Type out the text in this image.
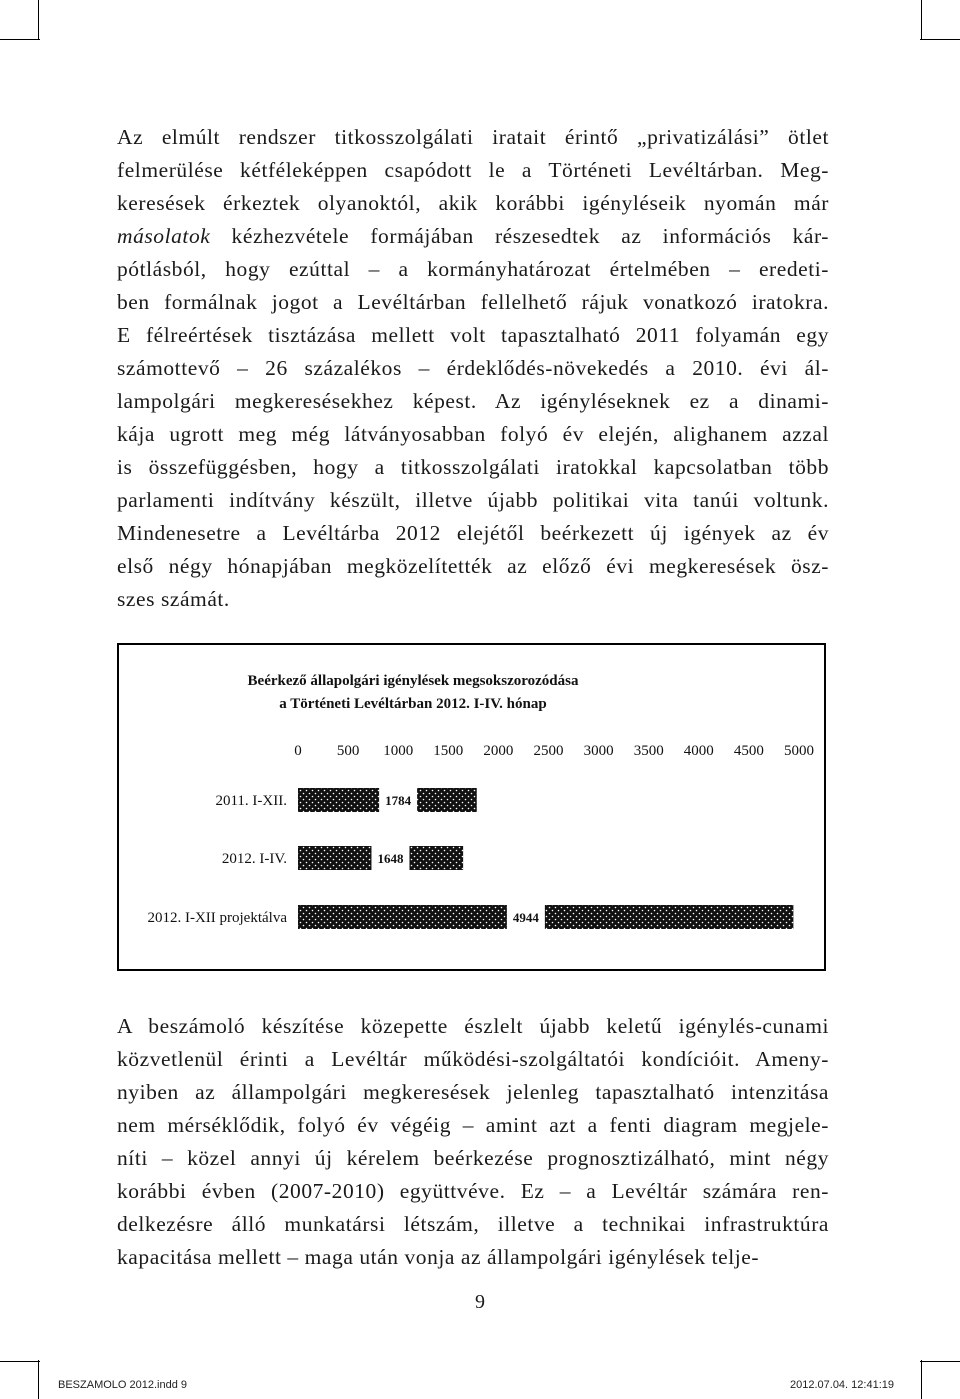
Az elmúlt rendszer titkosszolgálati iratait érintő „privatizálási” ötlet
felmerülése kétféleképpen csapódott le a Történeti Levéltárban. Meg-
keresések érkeztek olyanoktól, akik korábbi igényléseik nyomán már
másolatok kézhezvétele formájában részesedtek az információs kár-
pótlásból, hogy ezúttal – a kormányhatározat értelmében – eredeti-
ben formálnak jogot a Levéltárban fellelhető rájuk vonatkozó iratokra.
E félreértések tisztázása mellett volt tapasztalható 2011 folyamán egy
számottevő – 26 százalékos – érdeklődés-növekedés a 2010. évi ál-
lampolgári megkeresésekhez képest. Az igényléseknek ez a dinami-
kája ugrott meg még látványosabban folyó év elején, alighanem azzal
is összefüggésben, hogy a titkosszolgálati iratokkal kapcsolatban több
parlamenti indítvány készült, illetve újabb politikai vita tanúi voltunk.
Mindenesetre a Levéltárba 2012 elejétől beérkezett új igények az év
első négy hónapjában megközelítették az előző évi megkeresések ösz-
szes számát.
Beérkező állapolgári igénylések megsokszorozódása
a Történeti Levéltárban 2012. I-IV. hónap
0 500 1000 1500 2000 2500 3000 3500 4000 4500 5000
2011. I-XII.	1784
2012. I-IV.	1648
2012. I-XII projektálva	4944
A beszámoló készítése közepette észlelt újabb keletű igénylés-cunami
közvetlenül érinti a Levéltár működési-szolgáltatói kondícióit. Ameny-
nyiben az állampolgári megkeresések jelenleg tapasztalható intenzitása
nem mérséklődik, folyó év végéig – amint azt a fenti diagram megjele-
níti – közel annyi új kérelem beérkezése prognosztizálható, mint négy
korábbi évben (2007-2010) együttvéve. Ez – a Levéltár számára ren-
delkezésre álló munkatársi létszám, illetve a technikai infrastruktúra
kapacitása mellett – maga után vonja az állampolgári igénylések telje-
9
BESZAMOLO 2012.indd 9	2012.07.04. 12:41:19
